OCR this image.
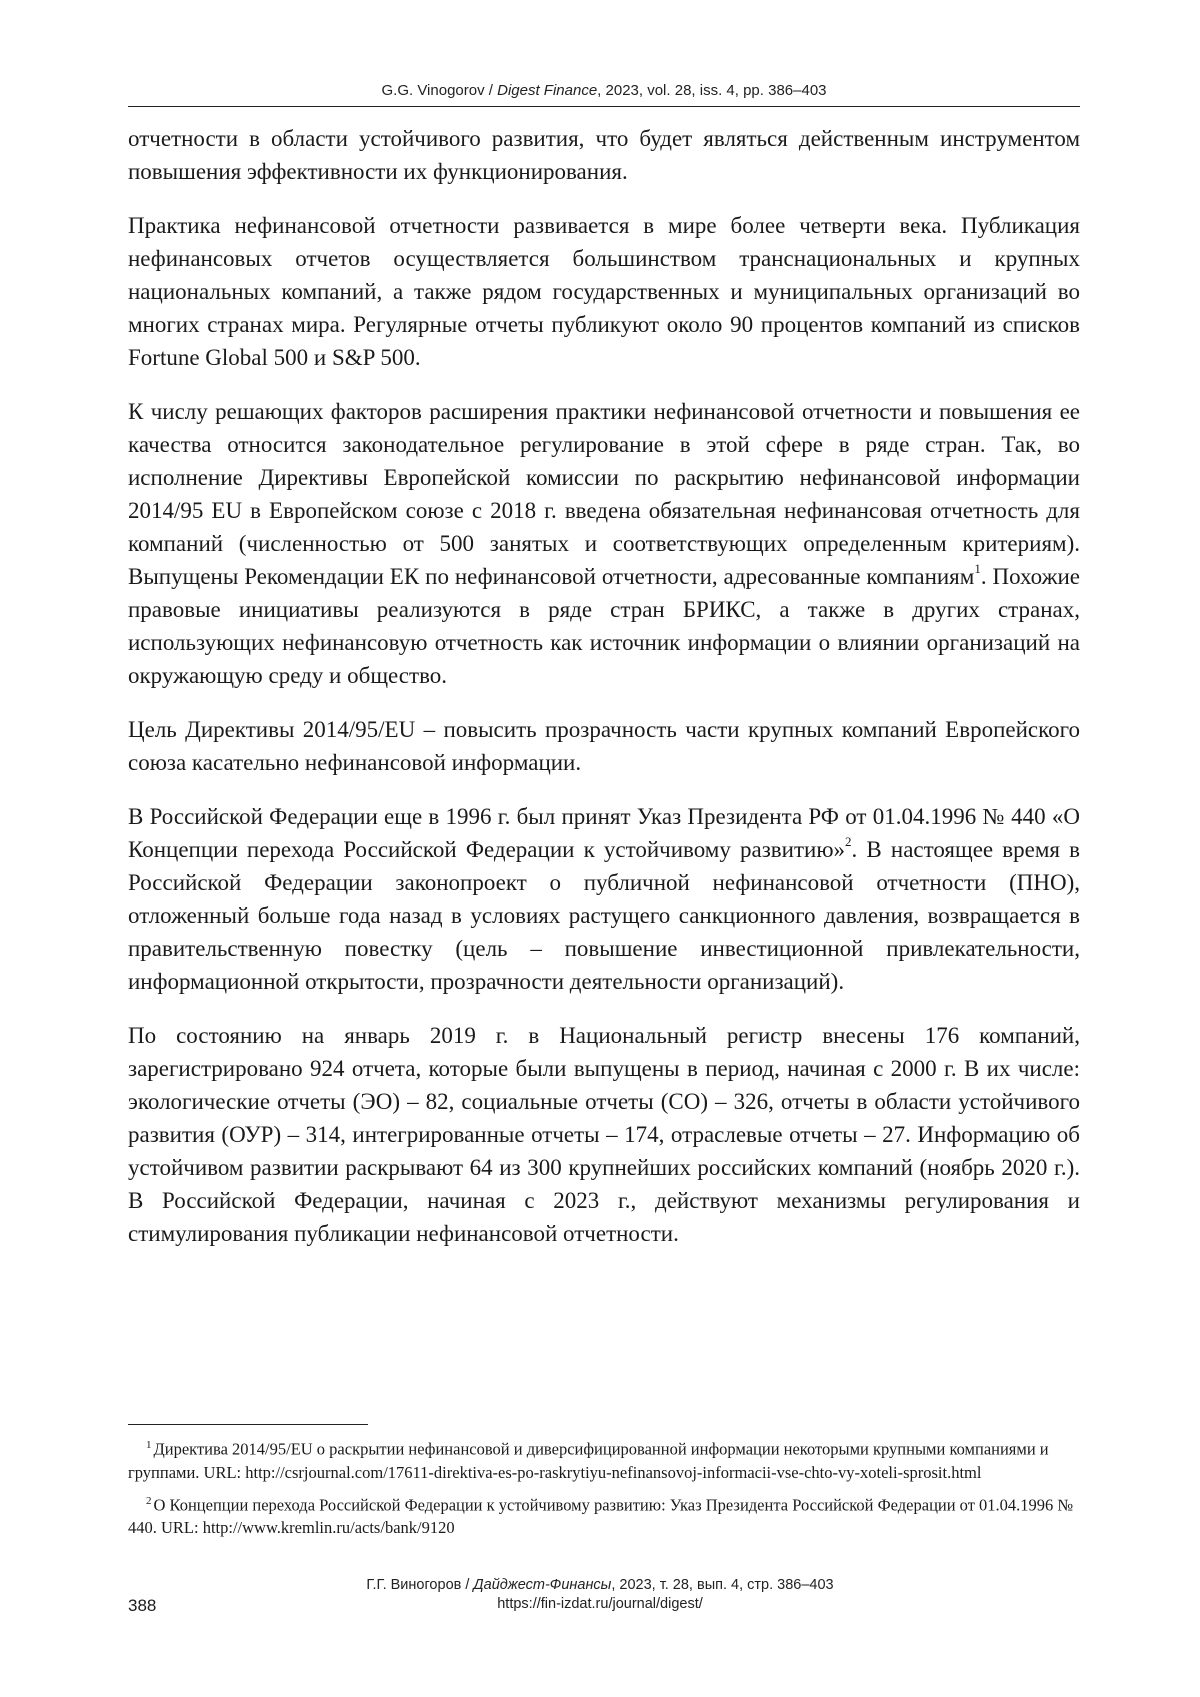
G.G. Vinogorov / Digest Finance, 2023, vol. 28, iss. 4, pp. 386–403

отчетности в области устойчивого развития, что будет являться действенным инструментом повышения эффективности их функционирования.

Практика нефинансовой отчетности развивается в мире более четверти века. Публикация нефинансовых отчетов осуществляется большинством транснациональных и крупных национальных компаний, а также рядом государственных и муниципальных организаций во многих странах мира. Регулярные отчеты публикуют около 90 процентов компаний из списков Fortune Global 500 и S&P 500.

К числу решающих факторов расширения практики нефинансовой отчетности и повышения ее качества относится законодательное регулирование в этой сфере в ряде стран. Так, во исполнение Директивы Европейской комиссии по раскрытию нефинансовой информации 2014/95 EU в Европейском союзе с 2018 г. введена обязательная нефинансовая отчетность для компаний (численностью от 500 занятых и соответствующих определенным критериям). Выпущены Рекомендации ЕК по нефинансовой отчетности, адресованные компаниям$^1$. Похожие правовые инициативы реализуются в ряде стран БРИКС, а также в других странах, использующих нефинансовую отчетность как источник информации о влиянии организаций на окружающую среду и общество.

Цель Директивы 2014/95/EU – повысить прозрачность части крупных компаний Европейского союза касательно нефинансовой информации.

В Российской Федерации еще в 1996 г. был принят Указ Президента РФ от 01.04.1996 № 440 «О Концепции перехода Российской Федерации к устойчивому развитию»$^2$. В настоящее время в Российской Федерации законопроект о публичной нефинансовой отчетности (ПНО), отложенный больше года назад в условиях растущего санкционного давления, возвращается в правительственную повестку (цель – повышение инвестиционной привлекательности, информационной открытости, прозрачности деятельности организаций).

По состоянию на январь 2019 г. в Национальный регистр внесены 176 компаний, зарегистрировано 924 отчета, которые были выпущены в период, начиная с 2000 г. В их числе: экологические отчеты (ЭО) – 82, социальные отчеты (СО) – 326, отчеты в области устойчивого развития (ОУР) – 314, интегрированные отчеты – 174, отраслевые отчеты – 27. Информацию об устойчивом развитии раскрывают 64 из 300 крупнейших российских компаний (ноябрь 2020 г.). В Российской Федерации, начиная с 2023 г., действуют механизмы регулирования и стимулирования публикации нефинансовой отчетности.

$^1$ Директива 2014/95/EU о раскрытии нефинансовой и диверсифицированной информации некоторыми крупными компаниями и группами. URL: http://csrjournal.com/17611-direktiva-es-po-raskrytiyu-nefinansovoj-informacii-vse-chto-vy-xoteli-sprosit.html

$^2$ О Концепции перехода Российской Федерации к устойчивому развитию: Указ Президента Российской Федерации от 01.04.1996 № 440. URL: http://www.kremlin.ru/acts/bank/9120

388
Г.Г. Виногоров / Дайджест-Финансы, 2023, т. 28, вып. 4, стр. 386–403
https://fin-izdat.ru/journal/digest/
